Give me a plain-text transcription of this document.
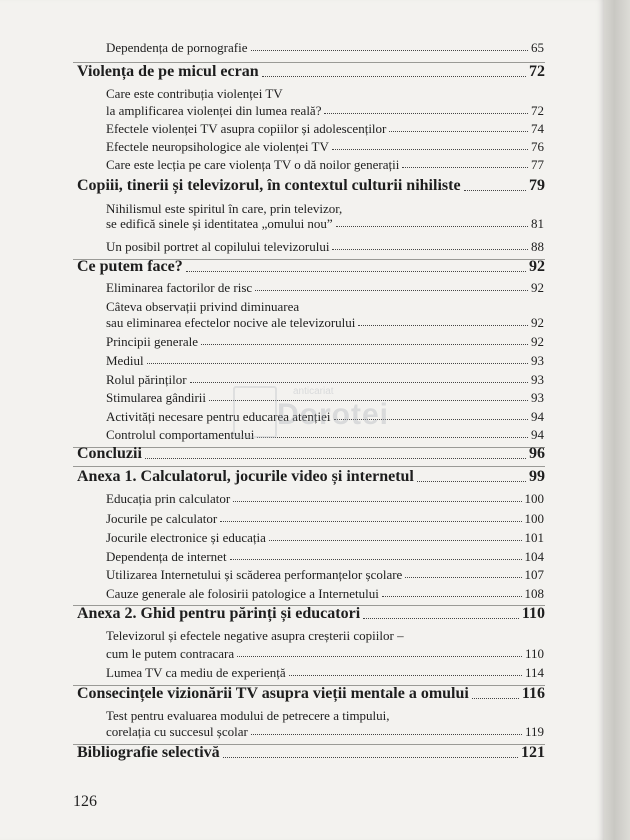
Dependența de pornografie	65
Violența de pe micul ecran	72
Care este contribuția violenței TV
la amplificarea violenței din lumea reală?	72
Efectele violenței TV asupra copiilor și adolescenților	74
Efectele neuropsihologice ale violenței TV	76
Care este lecția pe care violența TV o dă noilor generații	77
Copiii, tinerii și televizorul, în contextul culturii nihiliste	79
Nihilismul este spiritul în care, prin televizor,
se edifică sinele și identitatea „omului nou”	81
Un posibil portret al copilului televizorului	88
Ce putem face?	92
Eliminarea factorilor de risc	92
Câteva observații privind diminuarea
sau eliminarea efectelor nocive ale televizorului	92
Principii generale	92
Mediul	93
Rolul părinților	93
Stimularea gândirii	93
Activități necesare pentru educarea atenției	94
Controlul comportamentului	94
Concluzii	96
Anexa 1. Calculatorul, jocurile video și internetul	99
Educația prin calculator	100
Jocurile pe calculator	100
Jocurile electronice și educația	101
Dependența de internet	104
Utilizarea Internetului și scăderea performanțelor școlare	107
Cauze generale ale folosirii patologice a Internetului	108
Anexa 2. Ghid pentru părinți și educatori	110
Televizorul și efectele negative asupra creșterii copiilor –
cum le putem contracara	110
Lumea TV ca mediu de experiență	114
Consecințele vizionării TV asupra vieții mentale a omului	116
Test pentru evaluarea modului de petrecere a timpului,
corelația cu succesul școlar	119
Bibliografie selectivă	121
anticariat
Dorotei
126
